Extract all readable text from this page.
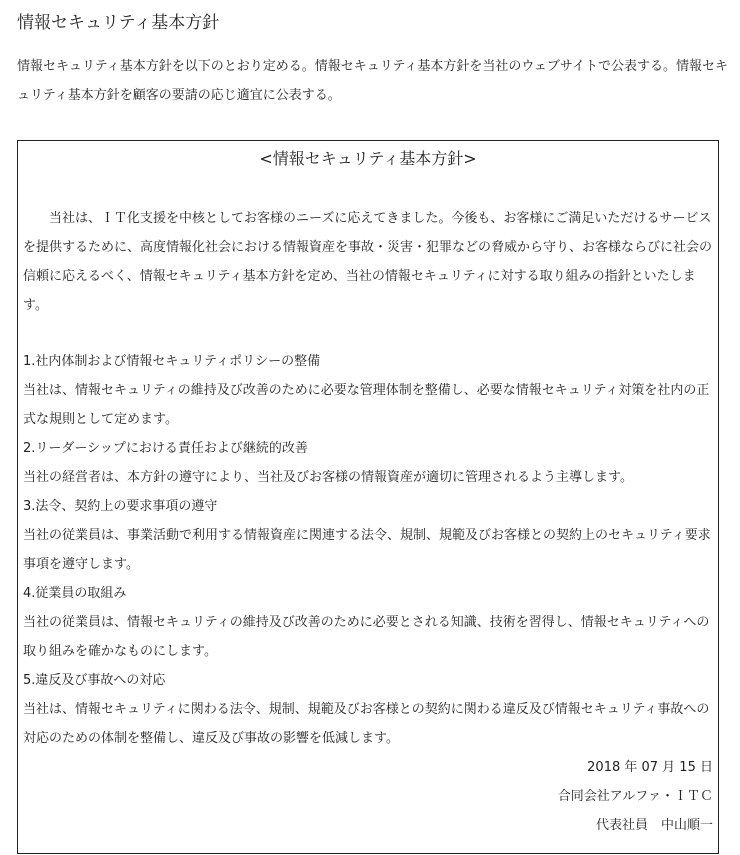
情報セキュリティ基本方針

情報セキュリティ基本方針を以下のとおり定める。情報セキュリティ基本方針を当社のウェブサイトで公表する。情報セキュリティ基本方針を顧客の要請の応じ適宜に公表する。

<情報セキュリティ基本方針>

当社は、ＩＴ化支援を中核としてお客様のニーズに応えてきました。今後も、お客様にご満足いただけるサービスを提供するために、高度情報化社会における情報資産を事故・災害・犯罪などの脅威から守り、お客様ならびに社会の信頼に応えるべく、情報セキュリティ基本方針を定め、当社の情報セキュリティに対する取り組みの指針といたします。

1.社内体制および情報セキュリティポリシーの整備

当社は、情報セキュリティの維持及び改善のために必要な管理体制を整備し、必要な情報セキュリティ対策を社内の正式な規則として定めます。

2.リーダーシップにおける責任および継続的改善

当社の経営者は、本方針の遵守により、当社及びお客様の情報資産が適切に管理されるよう主導します。

3.法令、契約上の要求事項の遵守

当社の従業員は、事業活動で利用する情報資産に関連する法令、規制、規範及びお客様との契約上のセキュリティ要求事項を遵守します。

4.従業員の取組み

当社の従業員は、情報セキュリティの維持及び改善のために必要とされる知識、技術を習得し、情報セキュリティへの取り組みを確かなものにします。

5.違反及び事故への対応

当社は、情報セキュリティに関わる法令、規制、規範及びお客様との契約に関わる違反及び情報セキュリティ事故への対応のための体制を整備し、違反及び事故の影響を低減します。

2018 年 07 月 15 日

合同会社アルファ・ＩＴＣ

代表社員　中山順一
